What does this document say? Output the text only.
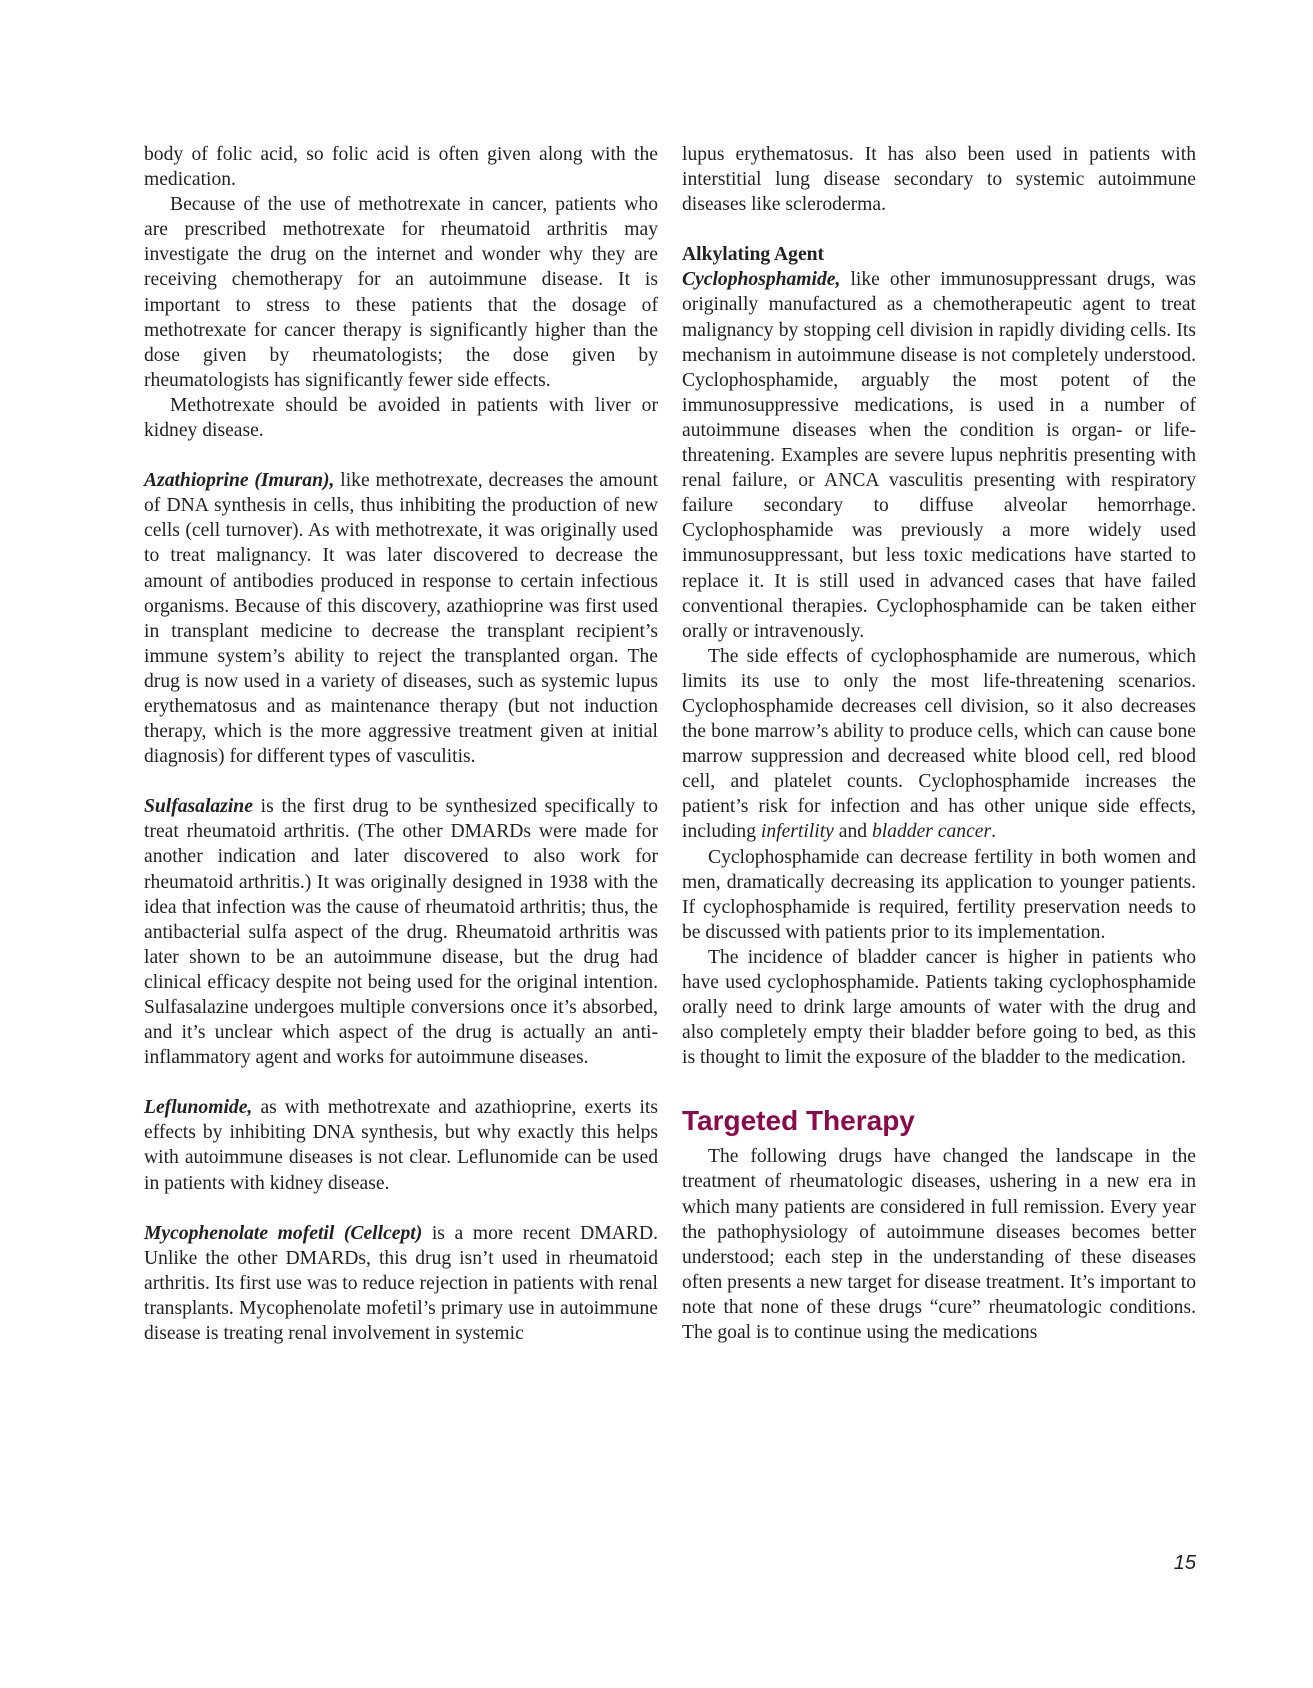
body of folic acid, so folic acid is often given along with the medication.

Because of the use of methotrexate in cancer, patients who are prescribed methotrexate for rheumatoid arthritis may investigate the drug on the internet and wonder why they are receiving chemotherapy for an autoimmune disease. It is important to stress to these patients that the dosage of methotrexate for cancer therapy is significantly higher than the dose given by rheumatologists; the dose given by rheumatologists has significantly fewer side effects.

Methotrexate should be avoided in patients with liver or kidney disease.

Azathioprine (Imuran), like methotrexate, decreases the amount of DNA synthesis in cells, thus inhibiting the production of new cells (cell turnover). As with methotrexate, it was originally used to treat malignancy. It was later discovered to decrease the amount of antibodies produced in response to certain infectious organisms. Because of this discovery, azathioprine was first used in transplant medicine to decrease the transplant recipient’s immune system’s ability to reject the transplanted organ. The drug is now used in a variety of diseases, such as systemic lupus erythematosus and as maintenance therapy (but not induction therapy, which is the more aggressive treatment given at initial diagnosis) for different types of vasculitis.

Sulfasalazine is the first drug to be synthesized specifically to treat rheumatoid arthritis. (The other DMARDs were made for another indication and later discovered to also work for rheumatoid arthritis.) It was originally designed in 1938 with the idea that infection was the cause of rheumatoid arthritis; thus, the antibacterial sulfa aspect of the drug. Rheumatoid arthritis was later shown to be an autoimmune disease, but the drug had clinical efficacy despite not being used for the original intention. Sulfasalazine undergoes multiple conversions once it’s absorbed, and it’s unclear which aspect of the drug is actually an anti-inflammatory agent and works for autoimmune diseases.

Leflunomide, as with methotrexate and azathioprine, exerts its effects by inhibiting DNA synthesis, but why exactly this helps with autoimmune diseases is not clear. Leflunomide can be used in patients with kidney disease.

Mycophenolate mofetil (Cellcept) is a more recent DMARD. Unlike the other DMARDs, this drug isn’t used in rheumatoid arthritis. Its first use was to reduce rejection in patients with renal transplants. Mycophenolate mofetil’s primary use in autoimmune disease is treating renal involvement in systemic

lupus erythematosus. It has also been used in patients with interstitial lung disease secondary to systemic autoimmune diseases like scleroderma.

Alkylating Agent

Cyclophosphamide, like other immunosuppressant drugs, was originally manufactured as a chemotherapeutic agent to treat malignancy by stopping cell division in rapidly dividing cells. Its mechanism in autoimmune disease is not completely understood. Cyclophosphamide, arguably the most potent of the immunosuppressive medications, is used in a number of autoimmune diseases when the condition is organ- or life-threatening. Examples are severe lupus nephritis presenting with renal failure, or ANCA vasculitis presenting with respiratory failure secondary to diffuse alveolar hemorrhage. Cyclophosphamide was previously a more widely used immunosuppressant, but less toxic medications have started to replace it. It is still used in advanced cases that have failed conventional therapies. Cyclophosphamide can be taken either orally or intravenously.

The side effects of cyclophosphamide are numerous, which limits its use to only the most life-threatening scenarios. Cyclophosphamide decreases cell division, so it also decreases the bone marrow’s ability to produce cells, which can cause bone marrow suppression and decreased white blood cell, red blood cell, and platelet counts. Cyclophosphamide increases the patient’s risk for infection and has other unique side effects, including infertility and bladder cancer.

Cyclophosphamide can decrease fertility in both women and men, dramatically decreasing its application to younger patients. If cyclophosphamide is required, fertility preservation needs to be discussed with patients prior to its implementation.

The incidence of bladder cancer is higher in patients who have used cyclophosphamide. Patients taking cyclophosphamide orally need to drink large amounts of water with the drug and also completely empty their bladder before going to bed, as this is thought to limit the exposure of the bladder to the medication.

Targeted Therapy

The following drugs have changed the landscape in the treatment of rheumatologic diseases, ushering in a new era in which many patients are considered in full remission. Every year the pathophysiology of autoimmune diseases becomes better understood; each step in the understanding of these diseases often presents a new target for disease treatment. It’s important to note that none of these drugs “cure” rheumatologic conditions. The goal is to continue using the medications

15
